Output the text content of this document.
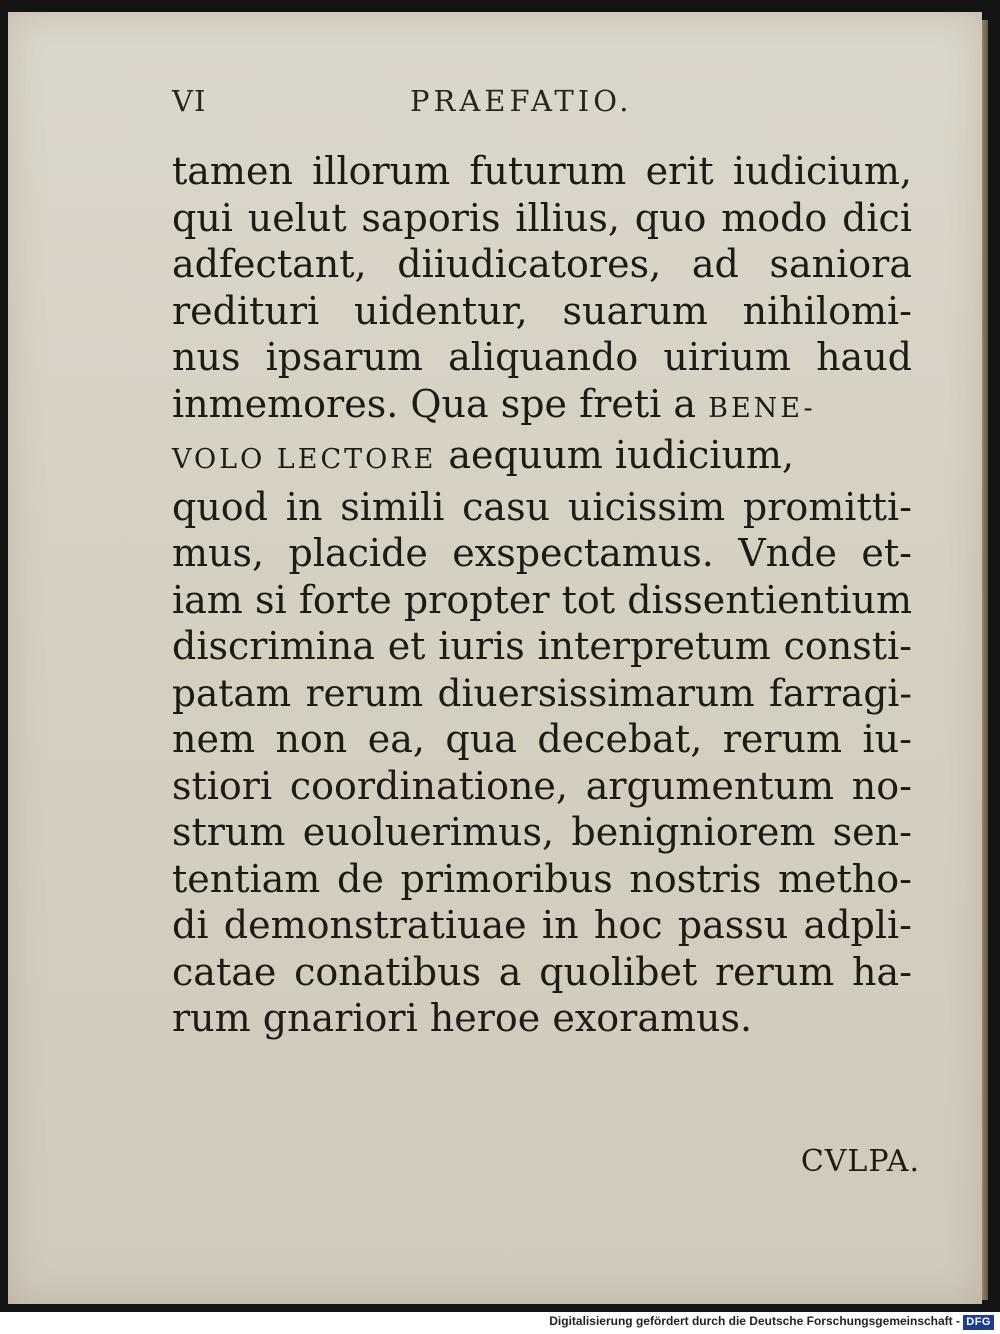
VI	PRAEFATIO.
tamen illorum futurum erit iudicium,
qui uelut saporis illius, quo modo dici
adfectant, diiudicatores, ad saniora
redituri uidentur, suarum nihilomi-
nus ipsarum aliquando uirium haud
inmemores. Qua spe freti a BENE-
VOLO LECTORE aequum iudicium,
quod in simili casu uicissim promitti-
mus, placide exspectamus. Vnde et-
iam si forte propter tot dissentientium
discrimina et iuris interpretum consti-
patam rerum diuersissimarum farragi-
nem non ea, qua decebat, rerum iu-
stiori coordinatione, argumentum no-
strum euoluerimus, benigniorem sen-
tentiam de primoribus nostris metho-
di demonstratiuae in hoc passu adpli-
catae conatibus a quolibet rerum ha-
rum gnariori heroe exoramus.
CVLPA.
Digitalisierung gefördert durch die Deutsche Forschungsgemeinschaft - DFG
